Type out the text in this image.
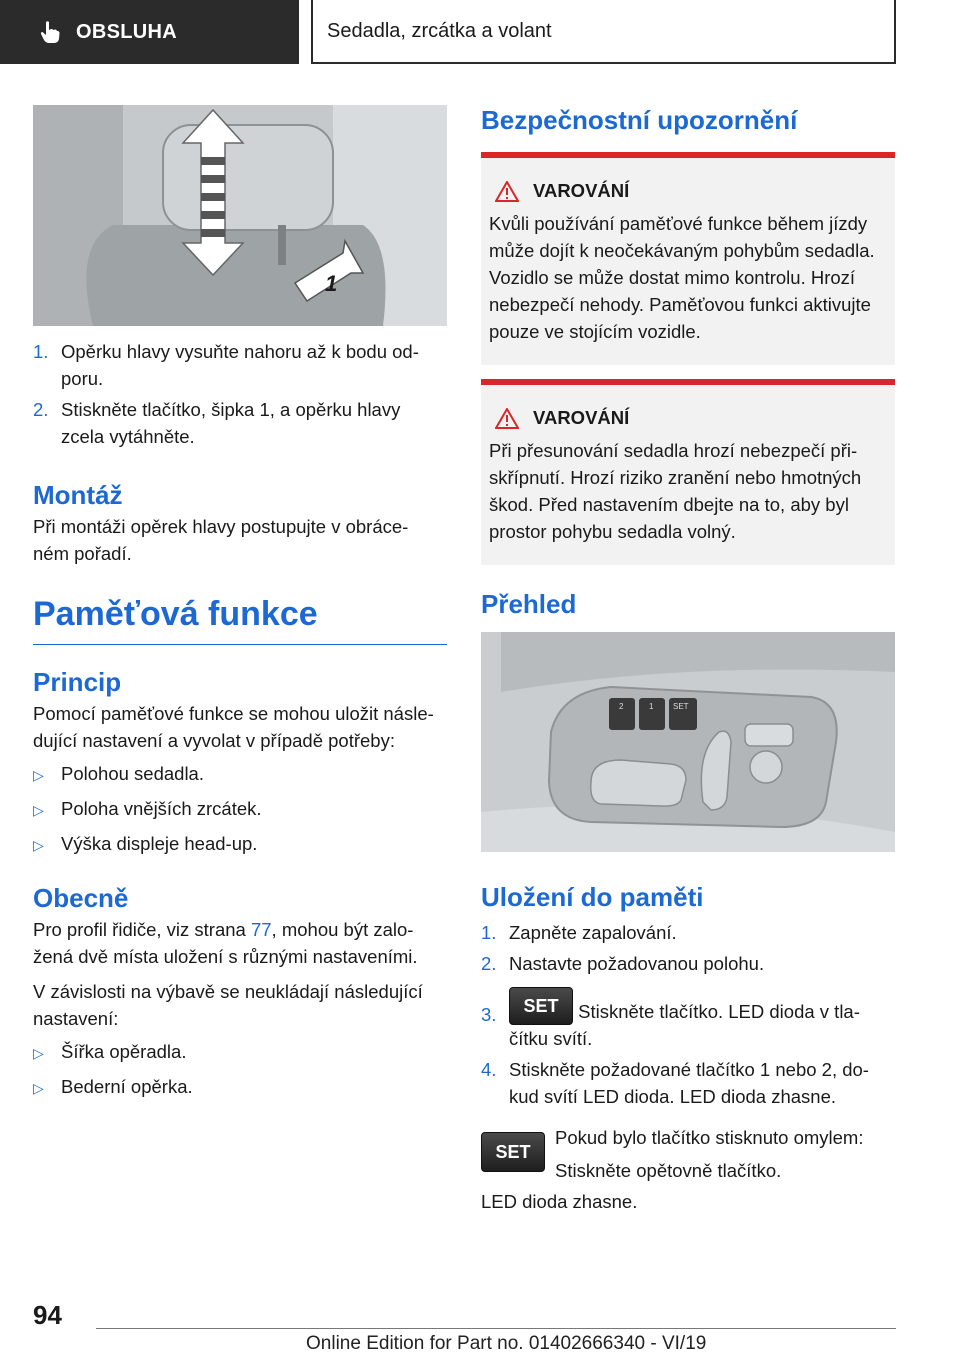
OBSLUHA	Sedadla, zrcátka a volant
1
1. Opěrku hlavy vysuňte nahoru až k bodu od‐ poru.
2. Stiskněte tlačítko, šipka 1, a opěrku hlavy zcela vytáhněte.
Montáž
Při montáži opěrek hlavy postupujte v obráce‐ ném pořadí.
Paměťová funkce
Princip
Pomocí paměťové funkce se mohou uložit násle‐ dující nastavení a vyvolat v případě potřeby:
▷ Polohou sedadla.
▷ Poloha vnějších zrcátek.
▷ Výška displeje head-up.
Obecně
Pro profil řidiče, viz strana 77, mohou být zalo‐ žená dvě místa uložení s různými nastaveními.
V závislosti na výbavě se neukládají následující nastavení:
▷ Šířka opěradla.
▷ Bederní opěrka.
Bezpečnostní upozornění
VAROVÁNÍ
Kvůli používání paměťové funkce během jízdy může dojít k neočekávaným pohybům sedadla. Vozidlo se může dostat mimo kontrolu. Hrozí nebezpečí nehody. Paměťovou funkci aktivujte pouze ve stojícím vozidle.
VAROVÁNÍ
Při přesunování sedadla hrozí nebezpečí při‐ skřípnutí. Hrozí riziko zranění nebo hmotných škod. Před nastavením dbejte na to, aby byl prostor pohybu sedadla volný.
Přehled
2	1 SET
Uložení do paměti
1. Zapněte zapalování.
2. Nastavte požadovanou polohu.
3.	SET Stiskněte tlačítko. LED dioda v tla‐ čítku svítí.
4. Stiskněte požadované tlačítko 1 nebo 2, do‐ kud svítí LED dioda. LED dioda zhasne.
SET
Pokud bylo tlačítko stisknuto omylem:
Stiskněte opětovně tlačítko.
LED dioda zhasne.
94
Online Edition for Part no. 01402666340 - VI/19
